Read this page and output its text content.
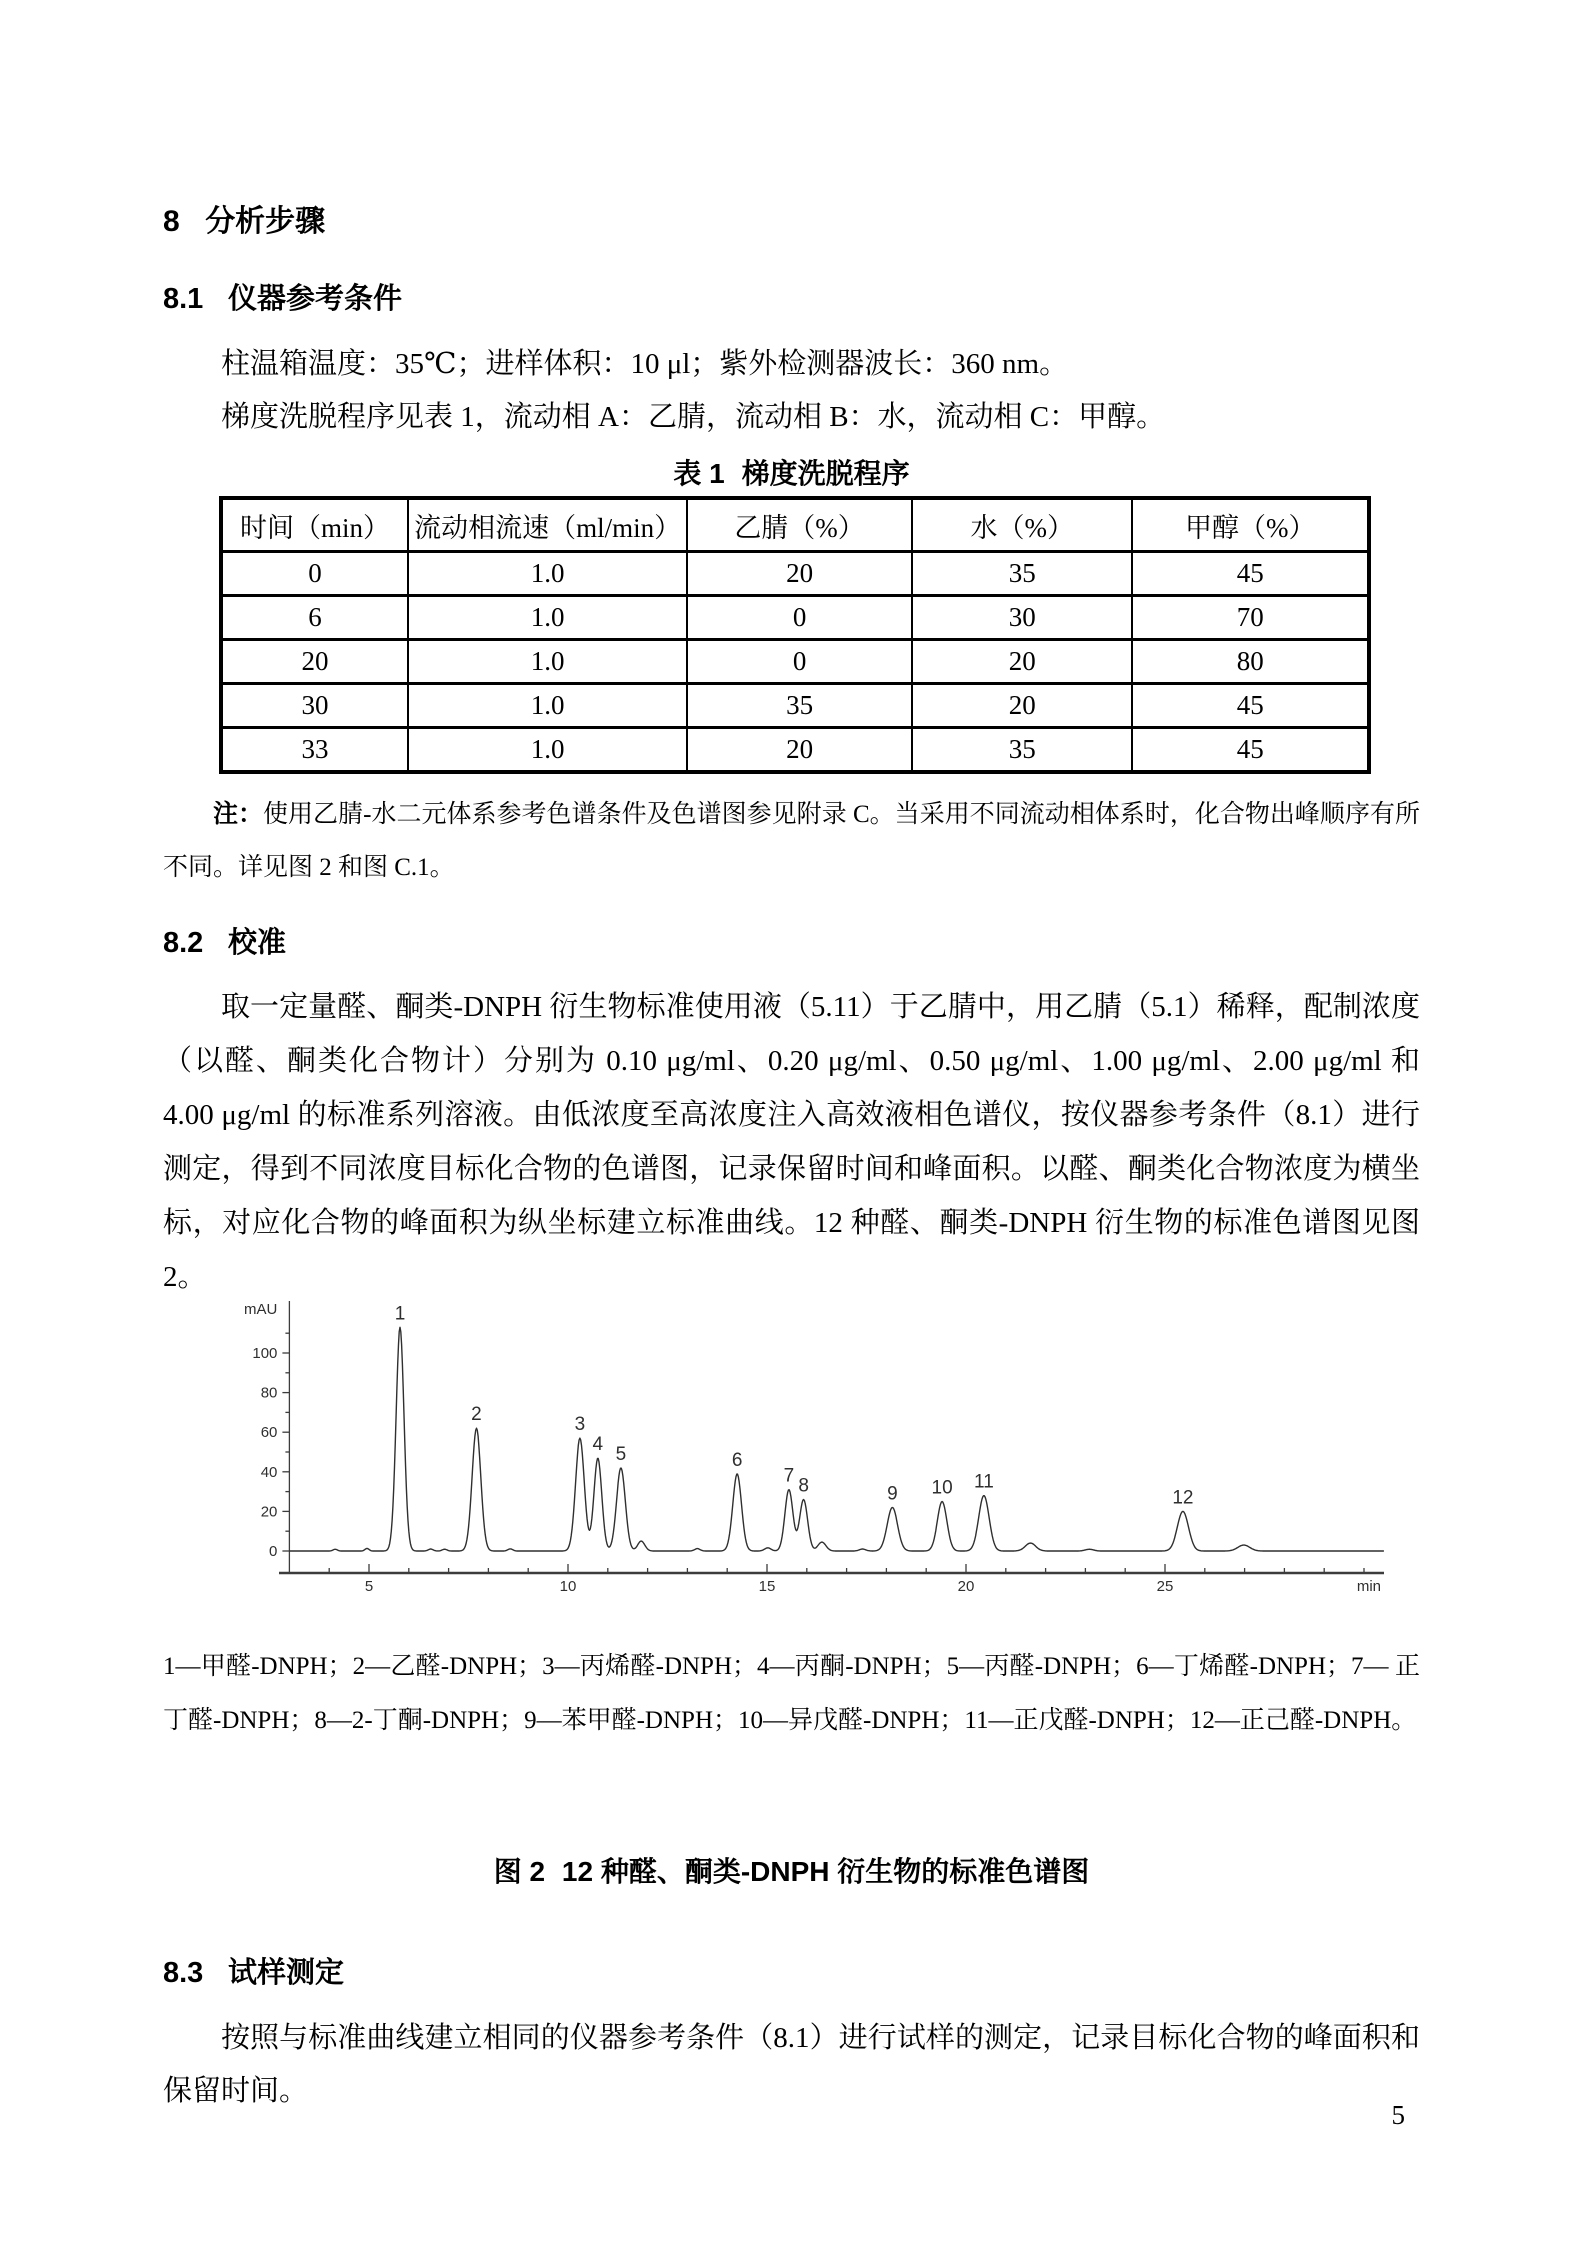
8 分析步骤
8.1 仪器参考条件

柱温箱温度：35℃；进样体积：10 μl；紫外检测器波长：360 nm。

梯度洗脱程序见表 1，流动相 A：乙腈，流动相 B：水，流动相 C：甲醇。

表 1 梯度洗脱程序
时间（min）	流动相流速（ml/min）	乙腈（%）	水（%）	甲醇（%）
0	1.0	20	35	45
6	1.0	0	30	70
20	1.0	0	20	80
30	1.0	35	20	45
33	1.0	20	35	45

注：使用乙腈-水二元体系参考色谱条件及色谱图参见附录 C。当采用不同流动相体系时，化合物出峰顺序有所不同。详见图 2 和图 C.1。

8.2 校准

取一定量醛、酮类-DNPH 衍生物标准使用液（5.11）于乙腈中，用乙腈（5.1）稀释，配制浓度（以醛、酮类化合物计）分别为 0.10 μg/ml、0.20 μg/ml、0.50 μg/ml、1.00 μg/ml、2.00 μg/ml 和 4.00 μg/ml 的标准系列溶液。由低浓度至高浓度注入高效液相色谱仪，按仪器参考条件（8.1）进行测定，得到不同浓度目标化合物的色谱图，记录保留时间和峰面积。以醛、酮类化合物浓度为横坐标，对应化合物的峰面积为纵坐标建立标准曲线。12 种醛、酮类-DNPH 衍生物的标准色谱图见图 2。

0
20
40
60
80
100
mAU
5	10	15	20	25	min
1
2	3
4 5	6
7 8	9 10 11
12

1—甲醛-DNPH；2—乙醛-DNPH；3—丙烯醛-DNPH；4—丙酮-DNPH；5—丙醛-DNPH；6—丁烯醛-DNPH；7— 正丁醛-DNPH；8—2-丁酮-DNPH；9—苯甲醛-DNPH；10—异戊醛-DNPH；11—正戊醛-DNPH；12—正己醛-DNPH。

图 2 12 种醛、酮类-DNPH 衍生物的标准色谱图
8.3 试样测定

按照与标准曲线建立相同的仪器参考条件（8.1）进行试样的测定，记录目标化合物的峰面积和保留时间。

5
